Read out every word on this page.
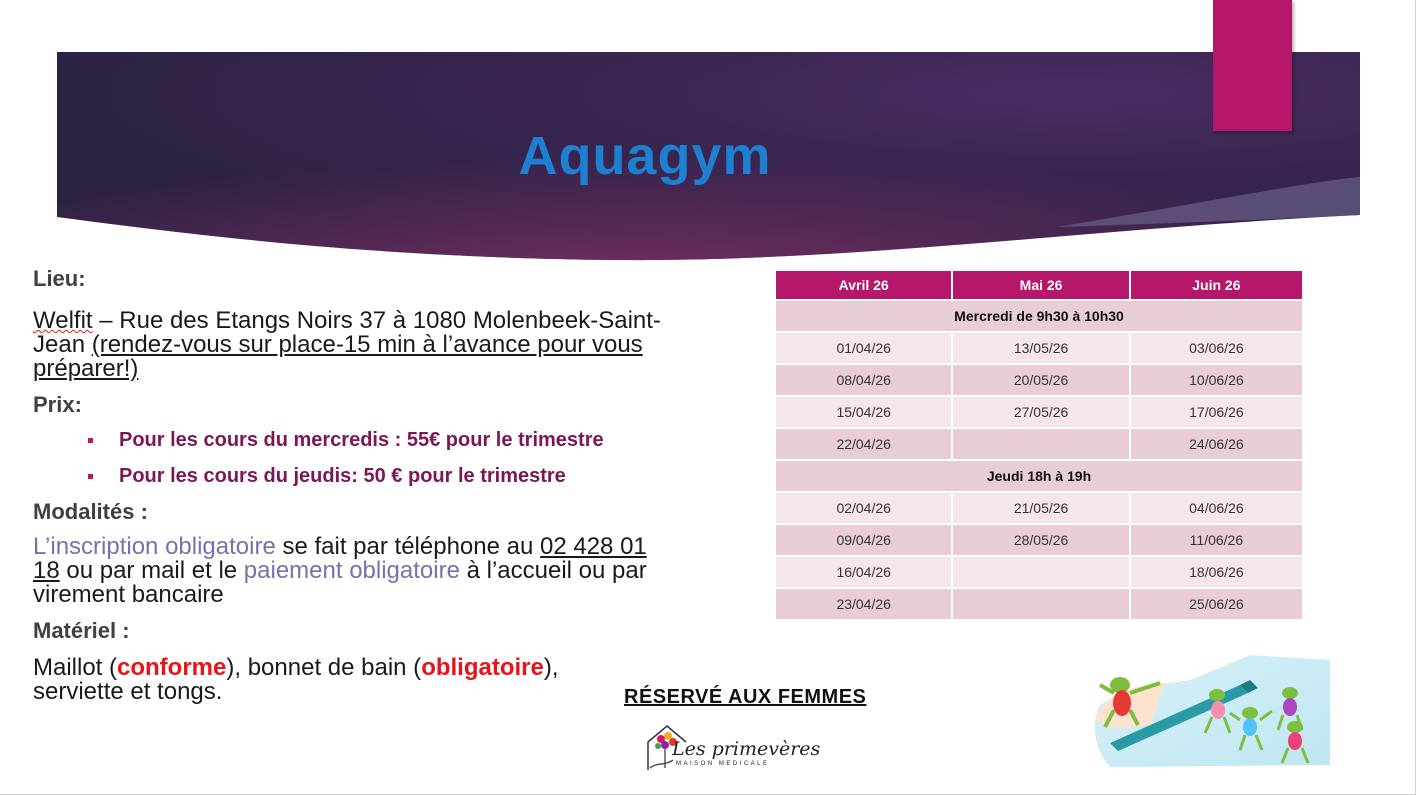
Aquagym

Lieu:

Welfit – Rue des Etangs Noirs 37 à 1080 Molenbeek-Saint-Jean (rendez-vous sur place-15 min à l’avance pour vous préparer!)

Prix:

Pour les cours du mercredis : 55€ pour le trimestre
Pour les cours du jeudis: 50 € pour le trimestre

Modalités :

L’inscription obligatoire se fait par téléphone au 02 428 01 18 ou par mail et le paiement obligatoire à l’accueil ou par virement bancaire

Matériel :

Maillot (conforme), bonnet de bain (obligatoire),
serviette et tongs.	RÉSERVÉ AUX FEMMES
Avril 26	Mai 26	Juin 26
Mercredi de 9h30 à 10h30		
01/04/26	13/05/26	03/06/26
08/04/26	20/05/26	10/06/26
15/04/26	27/05/26	17/06/26
22/04/26		24/06/26
Jeudi 18h à 19h		
02/04/26	21/05/26	04/06/26
09/04/26	28/05/26	11/06/26
16/04/26		18/06/26
23/04/26		25/06/26
Les primevères
MAISON MEDICALE
